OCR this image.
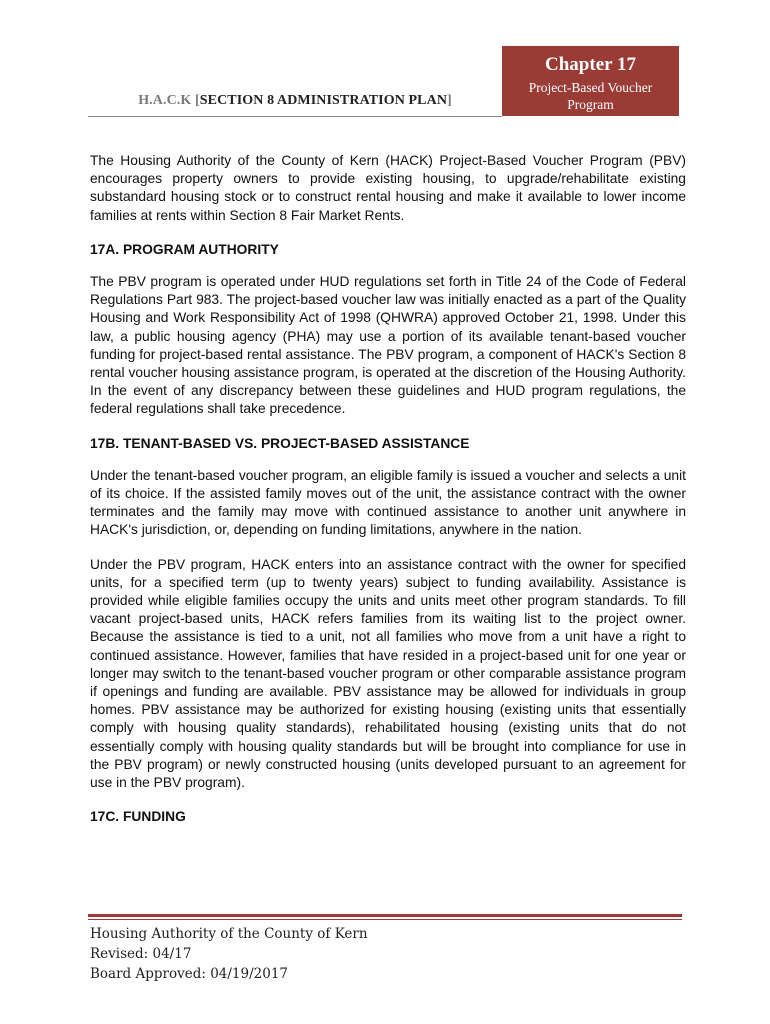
H.A.C.K [SECTION 8 ADMINISTRATION PLAN]
Chapter 17
Project-Based Voucher
Program

The Housing Authority of the County of Kern (HACK) Project-Based Voucher Program (PBV) encourages property owners to provide existing housing, to upgrade/rehabilitate existing substandard housing stock or to construct rental housing and make it available to lower income families at rents within Section 8 Fair Market Rents.

17A. PROGRAM AUTHORITY

The PBV program is operated under HUD regulations set forth in Title 24 of the Code of Federal Regulations Part 983. The project-based voucher law was initially enacted as a part of the Quality Housing and Work Responsibility Act of 1998 (QHWRA) approved October 21, 1998. Under this law, a public housing agency (PHA) may use a portion of its available tenant-based voucher funding for project-based rental assistance. The PBV program, a component of HACK's Section 8 rental voucher housing assistance program, is operated at the discretion of the Housing Authority. In the event of any discrepancy between these guidelines and HUD program regulations, the federal regulations shall take precedence.

17B. TENANT-BASED VS. PROJECT-BASED ASSISTANCE

Under the tenant-based voucher program, an eligible family is issued a voucher and selects a unit of its choice. If the assisted family moves out of the unit, the assistance contract with the owner terminates and the family may move with continued assistance to another unit anywhere in HACK's jurisdiction, or, depending on funding limitations, anywhere in the nation.

Under the PBV program, HACK enters into an assistance contract with the owner for specified units, for a specified term (up to twenty years) subject to funding availability. Assistance is provided while eligible families occupy the units and units meet other program standards. To fill vacant project-based units, HACK refers families from its waiting list to the project owner. Because the assistance is tied to a unit, not all families who move from a unit have a right to continued assistance. However, families that have resided in a project-based unit for one year or longer may switch to the tenant-based voucher program or other comparable assistance program if openings and funding are available. PBV assistance may be allowed for individuals in group homes. PBV assistance may be authorized for existing housing (existing units that essentially comply with housing quality standards), rehabilitated housing (existing units that do not essentially comply with housing quality standards but will be brought into compliance for use in the PBV program) or newly constructed housing (units developed pursuant to an agreement for use in the PBV program).

17C. FUNDING

Housing Authority of the County of Kern
Revised: 04/17
Board Approved: 04/19/2017
